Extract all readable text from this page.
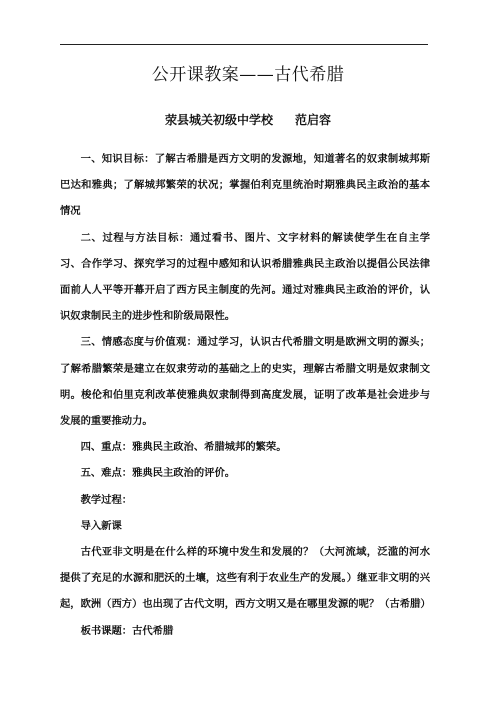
公开课教案——古代希腊
荥县城关初级中学校 范启容

一、知识目标：了解古希腊是西方文明的发源地，知道著名的奴隶制城邦斯巴达和雅典；了解城邦繁荣的状况；掌握伯利克里统治时期雅典民主政治的基本情况

二、过程与方法目标：通过看书、图片、文字材料的解读使学生在自主学习、合作学习、探究学习的过程中感知和认识希腊雅典民主政治以提倡公民法律面前人人平等开幕开启了西方民主制度的先河。通过对雅典民主政治的评价，认识奴隶制民主的进步性和阶级局限性。

三、情感态度与价值观：通过学习，认识古代希腊文明是欧洲文明的源头；了解希腊繁荣是建立在奴隶劳动的基础之上的史实，理解古希腊文明是奴隶制文明。梭伦和伯里克利改革使雅典奴隶制得到高度发展，证明了改革是社会进步与发展的重要推动力。

四、重点：雅典民主政治、希腊城邦的繁荣。

五、难点：雅典民主政治的评价。

教学过程：

导入新课

古代亚非文明是在什么样的环境中发生和发展的？（大河流域，泛滥的河水提供了充足的水源和肥沃的土壤，这些有利于农业生产的发展。）继亚非文明的兴起，欧洲（西方）也出现了古代文明，西方文明又是在哪里发源的呢？（古希腊）

板书课题：古代希腊
